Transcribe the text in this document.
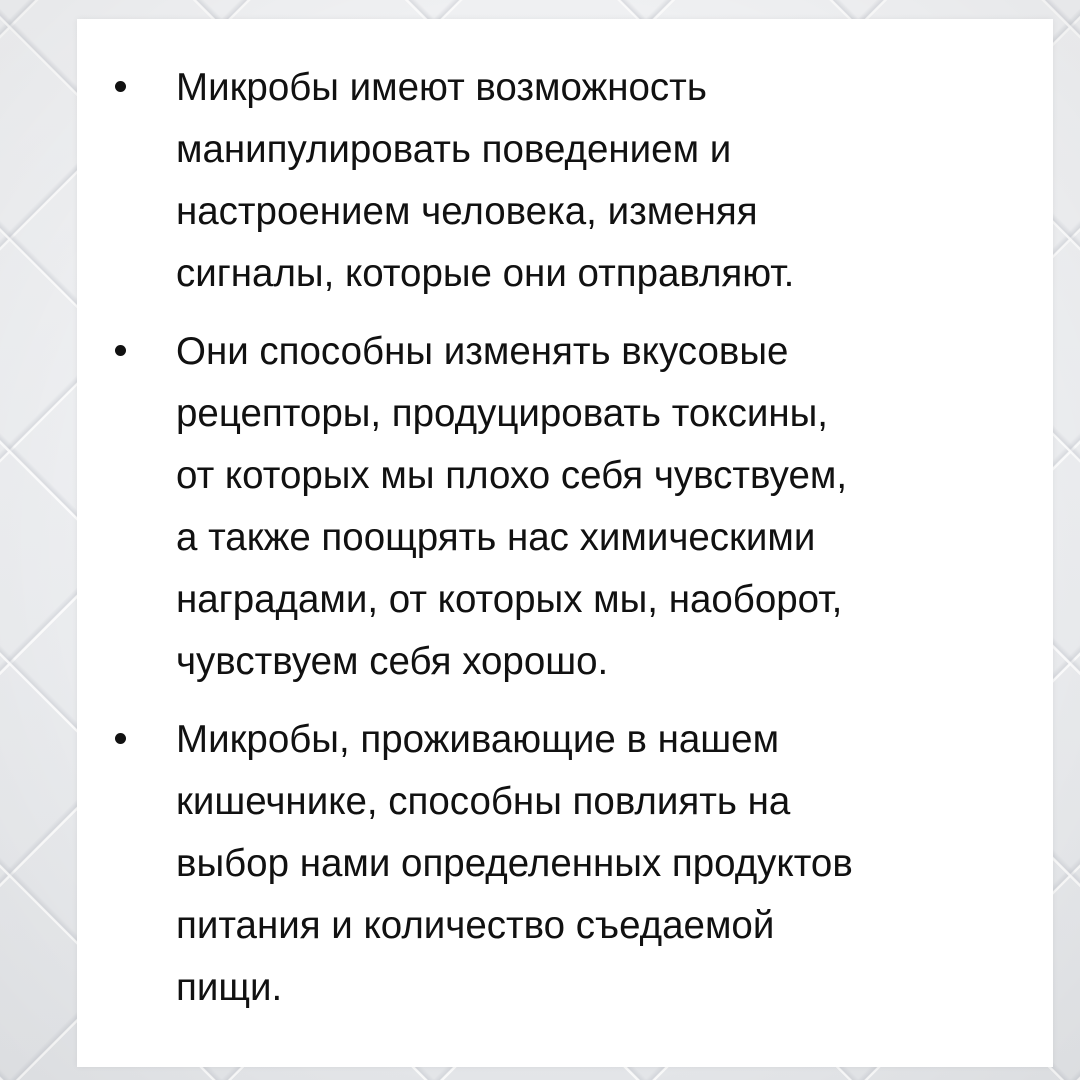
Микробы имеют возможность
манипулировать поведением и
настроением человека, изменяя
сигналы, которые они отправляют.
Они способны изменять вкусовые
рецепторы, продуцировать токсины,
от которых мы плохо себя чувствуем,
а также поощрять нас химическими
наградами, от которых мы, наоборот,
чувствуем себя хорошо.
Микробы, проживающие в нашем
кишечнике, способны повлиять на
выбор нами определенных продуктов
питания и количество съедаемой
пищи.
